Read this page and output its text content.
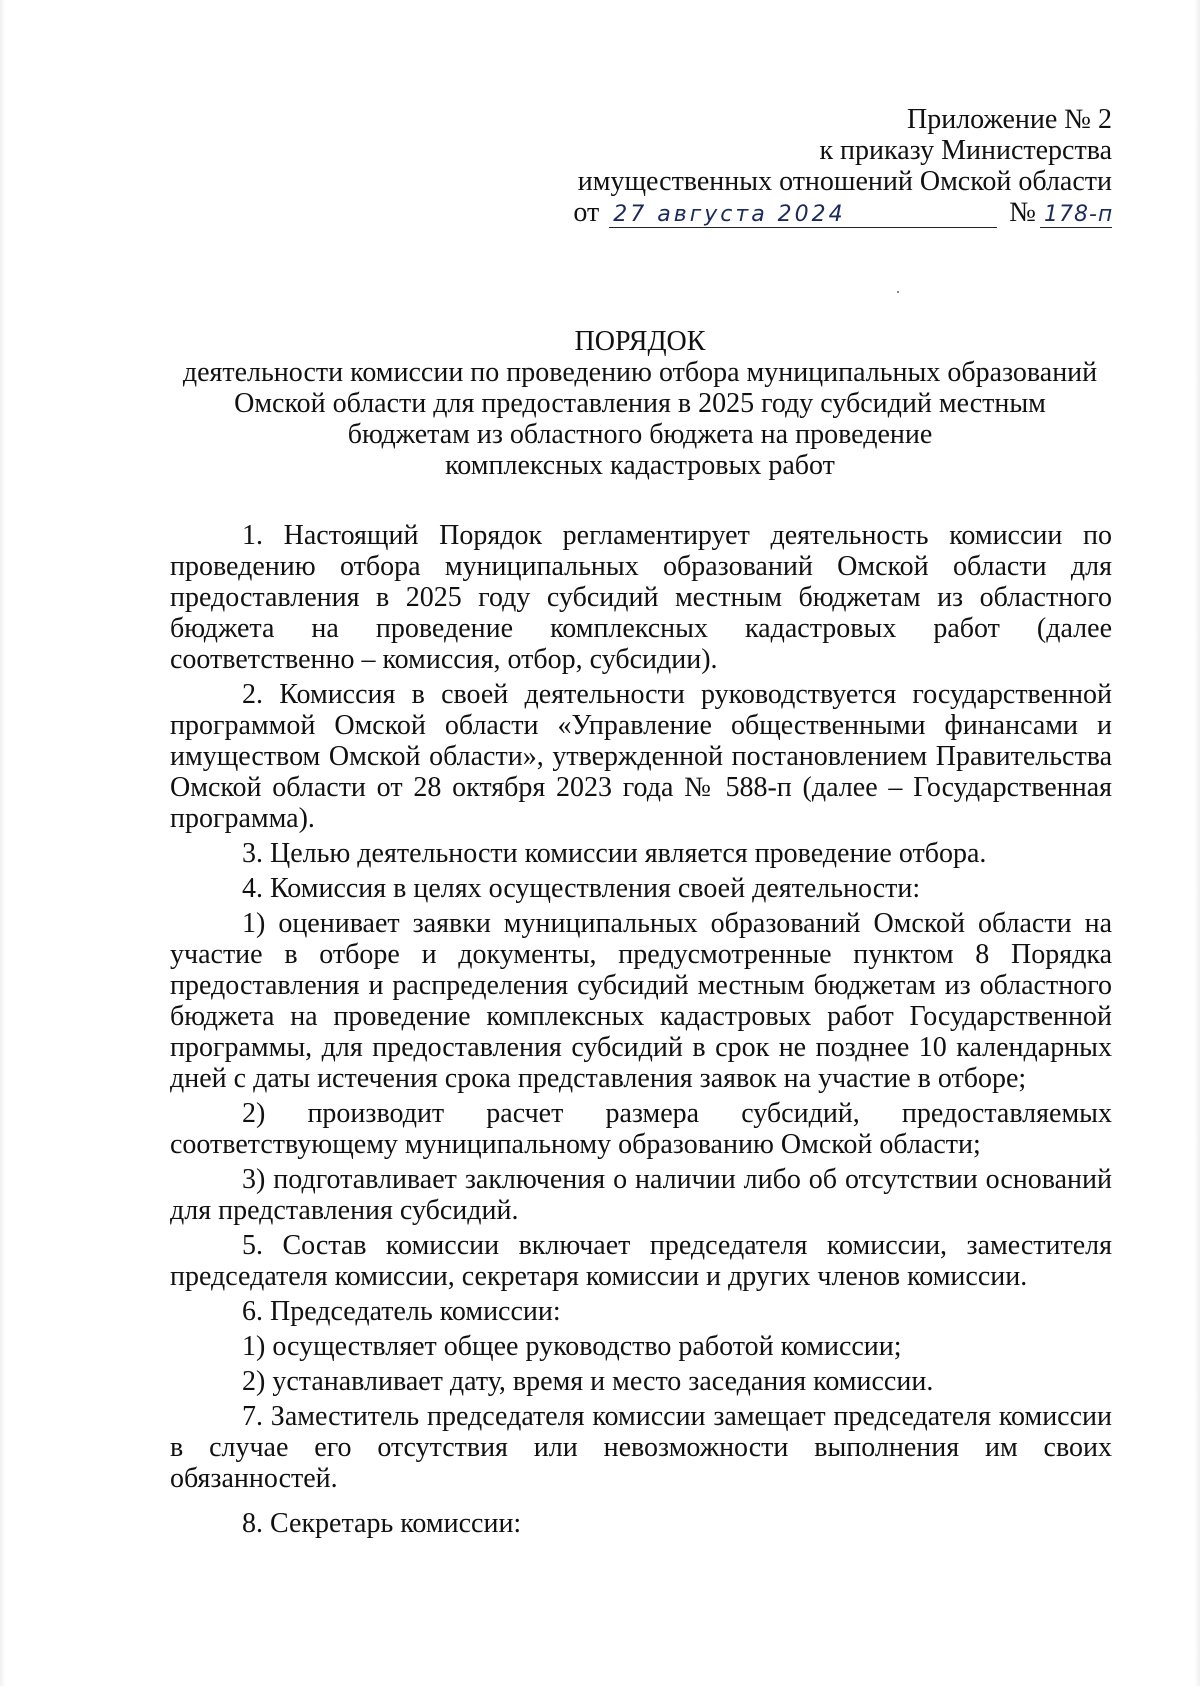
Приложение № 2
к приказу Министерства
имущественных отношений Омской области
от 27 августа 2024	№ 178-п
ПОРЯДОК
деятельности комиссии по проведению отбора муниципальных образований
Омской области для предоставления в 2025 году субсидий местным
бюджетам из областного бюджета на проведение
комплексных кадастровых работ

1. Настоящий Порядок регламентирует деятельность комиссии по проведению отбора муниципальных образований Омской области для предоставления в 2025 году субсидий местным бюджетам из областного бюджета на проведение комплексных кадастровых работ (далее соответственно – комиссия, отбор, субсидии).

2. Комиссия в своей деятельности руководствуется государственной программой Омской области «Управление общественными финансами и имуществом Омской области», утвержденной постановлением Правительства Омской области от 28 октября 2023 года № 588-п (далее – Государственная программа).

3. Целью деятельности комиссии является проведение отбора.

4. Комиссия в целях осуществления своей деятельности:

1) оценивает заявки муниципальных образований Омской области на участие в отборе и документы, предусмотренные пунктом 8 Порядка предоставления и распределения субсидий местным бюджетам из областного бюджета на проведение комплексных кадастровых работ Государственной программы, для предоставления субсидий в срок не позднее 10 календарных дней с даты истечения срока представления заявок на участие в отборе;

2) производит расчет размера субсидий, предоставляемых соответствующему муниципальному образованию Омской области;

3) подготавливает заключения о наличии либо об отсутствии оснований для представления субсидий.

5. Состав комиссии включает председателя комиссии, заместителя председателя комиссии, секретаря комиссии и других членов комиссии.

6. Председатель комиссии:

1) осуществляет общее руководство работой комиссии;

2) устанавливает дату, время и место заседания комиссии.

7. Заместитель председателя комиссии замещает председателя комиссии в случае его отсутствия или невозможности выполнения им своих обязанностей.

8. Секретарь комиссии:
